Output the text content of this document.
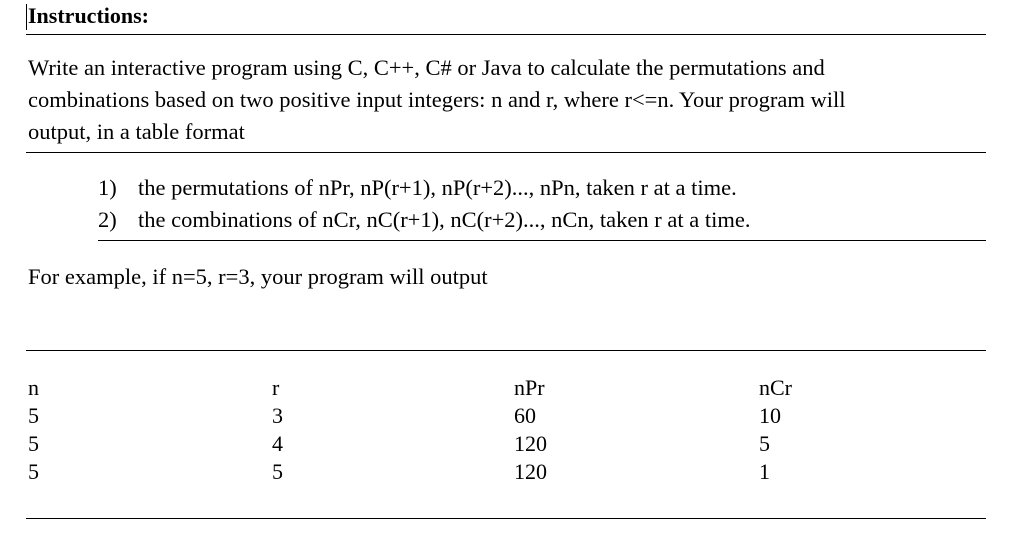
Instructions:
Write an interactive program using C, C++, C# or Java to calculate the permutations and
combinations based on two positive input integers: n and r, where r<=n. Your program will
output, in a table format
1) the permutations of nPr, nP(r+1), nP(r+2)..., nPn, taken r at a time.
2) the combinations of nCr, nC(r+1), nC(r+2)..., nCn, taken r at a time.
For example, if n=5, r=3, your program will output
n	r	nPr	nCr
5	3	60	10
5	4	120	5
5	5	120	1
